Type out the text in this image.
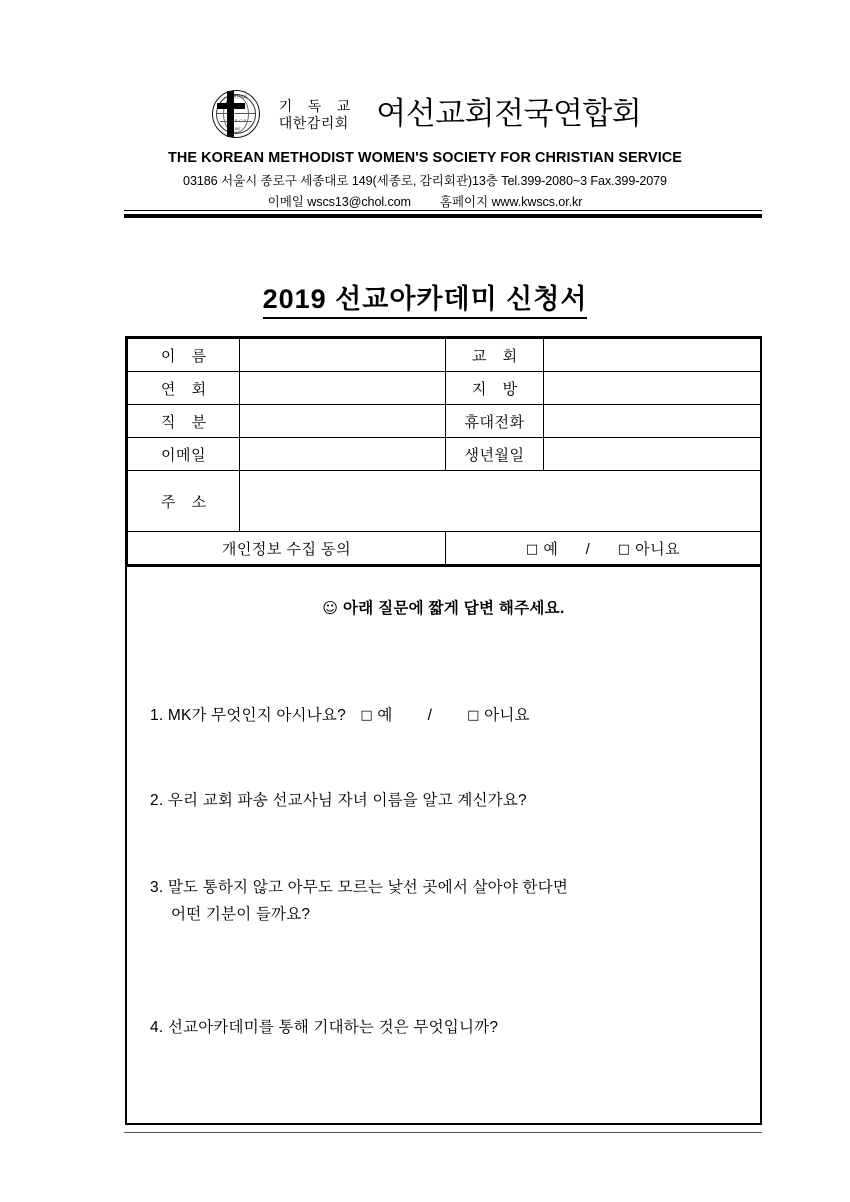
여선교회
W.S.C.S
1897
기 독 교
대한감리회 여선교회전국연합회
THE KOREAN METHODIST WOMEN'S SOCIETY FOR CHRISTIAN SERVICE
03186 서울시 종로구 세종대로 149(세종로, 감리회관)13층 Tel.399-2080~3 Fax.399-2079
이메일 wscs13@chol.com 홈페이지 www.kwscs.or.kr
2019 선교아카데미 신청서
이 름		교 회	
연 회		지 방	
직 분		휴대전화	
이메일		생년월일	
주 소			
개인정보 수집 동의		□ 예 / □ 아니요	
☺ 아래 질문에 짧게 답변 해주세요.
1. MK가 무엇인지 아시나요? □ 예 /	□ 아니요
2. 우리 교회 파송 선교사님 자녀 이름을 알고 계신가요?
3. 말도 통하지 않고 아무도 모르는 낯선 곳에서 살아야 한다면
어떤 기분이 들까요?
4. 선교아카데미를 통해 기대하는 것은 무엇입니까?
